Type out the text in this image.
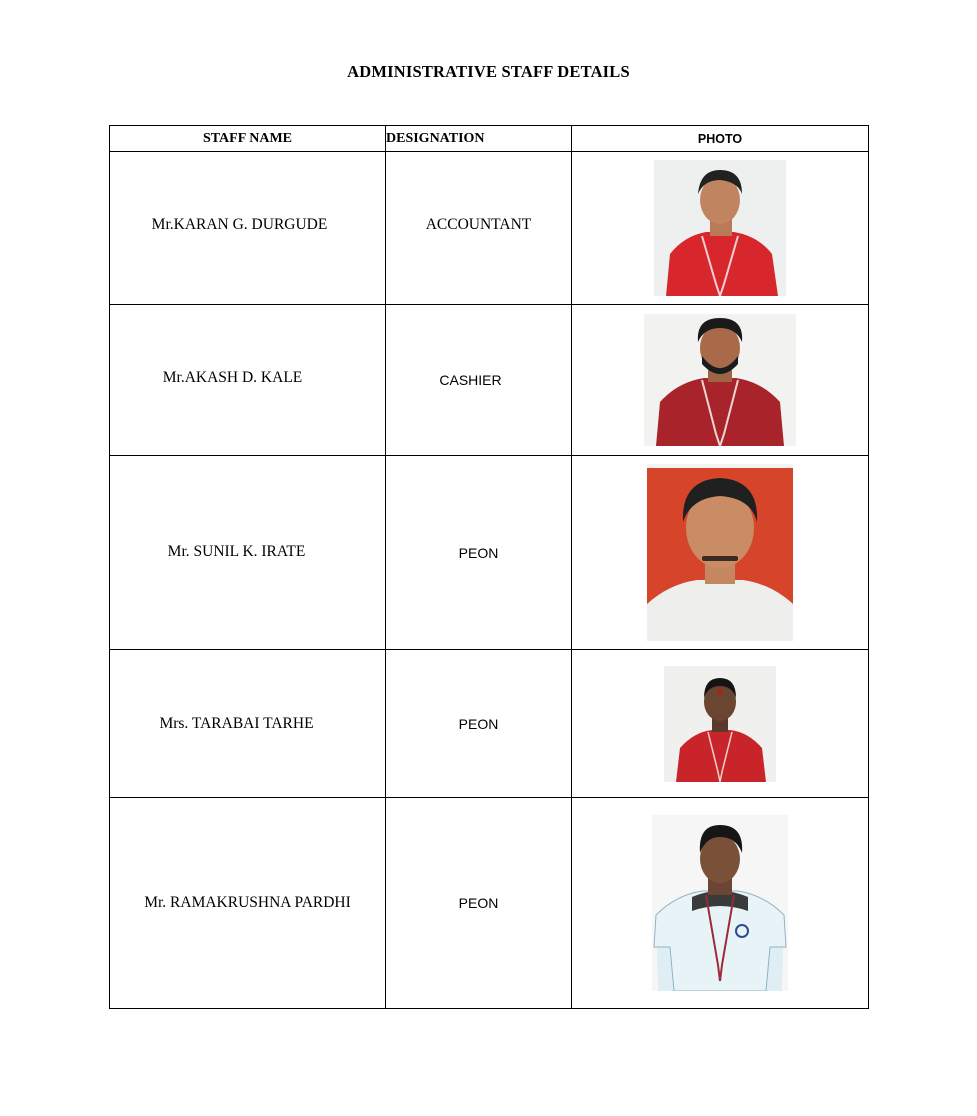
ADMINISTRATIVE STAFF DETAILS
STAFF NAME	DESIGNATION	PHOTO
Mr.KARAN G. DURGUDE	ACCOUNTANT	

Mr.AKASH D. KALE	CASHIER	

Mr. SUNIL K. IRATE	PEON	

Mrs. TARABAI TARHE	PEON	

Mr. RAMAKRUSHNA PARDHI	PEON	
